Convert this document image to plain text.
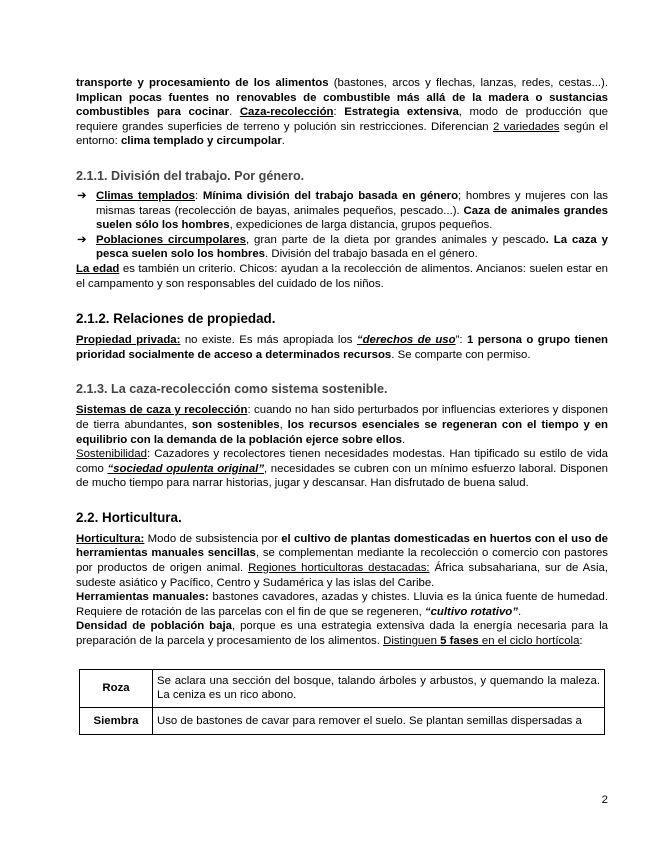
transporte y procesamiento de los alimentos (bastones, arcos y flechas, lanzas, redes, cestas...). Implican pocas fuentes no renovables de combustible más allá de la madera o sustancias combustibles para cocinar. Caza-recolección: Estrategia extensiva, modo de producción que requiere grandes superficies de terreno y polución sin restricciones. Diferencian 2 variedades según el entorno: clima templado y circumpolar.

2.1.1. División del trabajo. Por género.
➔ Climas templados: Mínima división del trabajo basada en género; hombres y mujeres con las mismas tareas (recolección de bayas, animales pequeños, pescado...). Caza de animales grandes suelen sólo los hombres, expediciones de larga distancia, grupos pequeños.
➔ Poblaciones circumpolares, gran parte de la dieta por grandes animales y pescado. La caza y pesca suelen solo los hombres. División del trabajo basada en el género.

La edad es también un criterio. Chicos: ayudan a la recolección de alimentos. Ancianos: suelen estar en el campamento y son responsables del cuidado de los niños.

2.1.2. Relaciones de propiedad.

Propiedad privada: no existe. Es más apropiada los “derechos de uso”: 1 persona o grupo tienen prioridad socialmente de acceso a determinados recursos. Se comparte con permiso.

2.1.3. La caza-recolección como sistema sostenible.

Sistemas de caza y recolección: cuando no han sido perturbados por influencias exteriores y disponen de tierra abundantes, son sostenibles, los recursos esenciales se regeneran con el tiempo y en equilibrio con la demanda de la población ejerce sobre ellos.

Sostenibilidad: Cazadores y recolectores tienen necesidades modestas. Han tipificado su estilo de vida como “sociedad opulenta original”, necesidades se cubren con un mínimo esfuerzo laboral. Disponen de mucho tiempo para narrar historias, jugar y descansar. Han disfrutado de buena salud.

2.2. Horticultura.

Horticultura: Modo de subsistencia por el cultivo de plantas domesticadas en huertos con el uso de herramientas manuales sencillas, se complementan mediante la recolección o comercio con pastores por productos de origen animal. Regiones horticultoras destacadas: África subsahariana, sur de Asia, sudeste asiático y Pacífico, Centro y Sudamérica y las islas del Caribe.

Herramientas manuales: bastones cavadores, azadas y chistes. Lluvia es la única fuente de humedad. Requiere de rotación de las parcelas con el fin de que se regeneren, “cultivo rotativo”.

Densidad de población baja, porque es una estrategia extensiva dada la energía necesaria para la preparación de la parcela y procesamiento de los alimentos. Distinguen 5 fases en el ciclo hortícola:

Roza	Se aclara una sección del bosque, talando árboles y arbustos, y quemando la maleza. La ceniza es un rico abono.
Siembra	Uso de bastones de cavar para remover el suelo. Se plantan semillas dispersadas a
2
